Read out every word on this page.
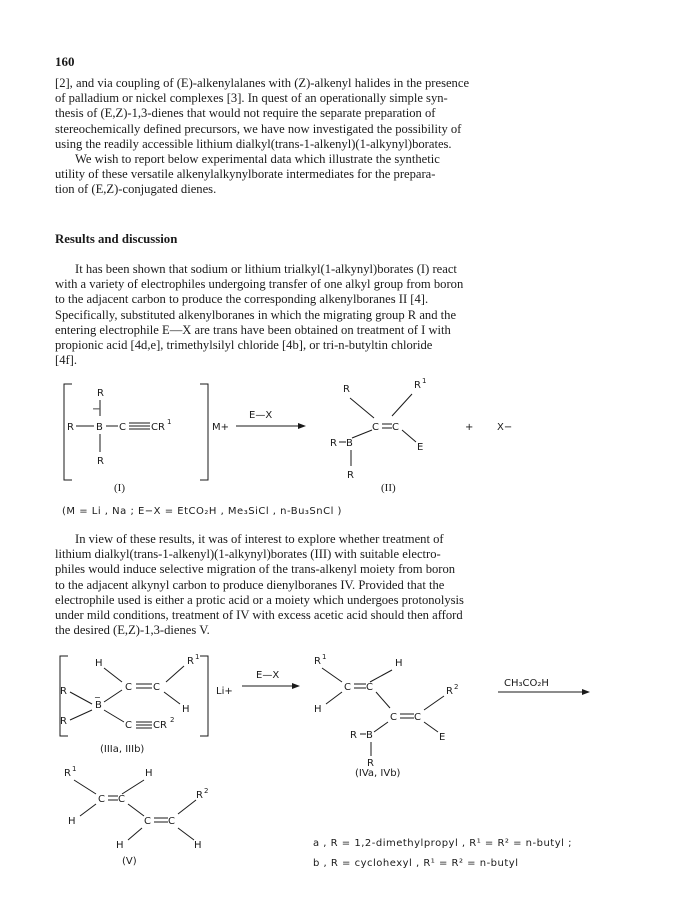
160
[2], and via coupling of (E)-alkenylalanes with (Z)-alkenyl halides in the presence
of palladium or nickel complexes [3]. In quest of an operationally simple syn-
thesis of (E,Z)-1,3-dienes that would not require the separate preparation of
stereochemically defined precursors, we have now investigated the possibility of
using the readily accessible lithium dialkyl(trans-1-alkenyl)(1-alkynyl)borates.
We wish to report below experimental data which illustrate the synthetic
utility of these versatile alkenylalkynylborate intermediates for the prepara-
tion of (E,Z)-conjugated dienes.
Results and discussion
It has been shown that sodium or lithium trialkyl(1-alkynyl)borates (I) react
with a variety of electrophiles undergoing transfer of one alkyl group from boron
to the adjacent carbon to produce the corresponding alkenylboranes II [4].
Specifically, substituted alkenylboranes in which the migrating group R and the
entering electrophile E—X are trans have been obtained on treatment of I with
propionic acid [4d,e], trimethylsilyl chloride [4b], or tri-n-butyltin chloride
[4f].
R
−
R B C	CR 1
R
M+
E—X
R	R 1
C C
R B
R
E
+ X−
(I)	(II)
(M = Li , Na ; E−X = EtCO₂H , Me₃SiCl , n-Bu₃SnCl )
In view of these results, it was of interest to explore whether treatment of
lithium dialkyl(trans-1-alkenyl)(1-alkynyl)borates (III) with suitable electro-
philes would induce selective migration of the trans-alkenyl moiety from boron
to the adjacent alkynyl carbon to produce dienylboranes IV. Provided that the
electrophile used is either a protic acid or a moiety which undergoes protonolysis
under mild conditions, treatment of IV with excess acetic acid should then afford
the desired (E,Z)-1,3-dienes V.
H	R 1
C C
H
R
B
−
R	C CR 2
Li+
E—X
R 1
H
C C
H
C C
R 2
E
R B
R
CH₃CO₂H
(IIIa, IIIb)
(IVa, IVb)
R 1	H
C C
H	C C
R 2
H	H
(V)
a , R = 1,2-dimethylpropyl , R¹ = R² = n-butyl ;
b , R = cyclohexyl , R¹ = R² = n-butyl
